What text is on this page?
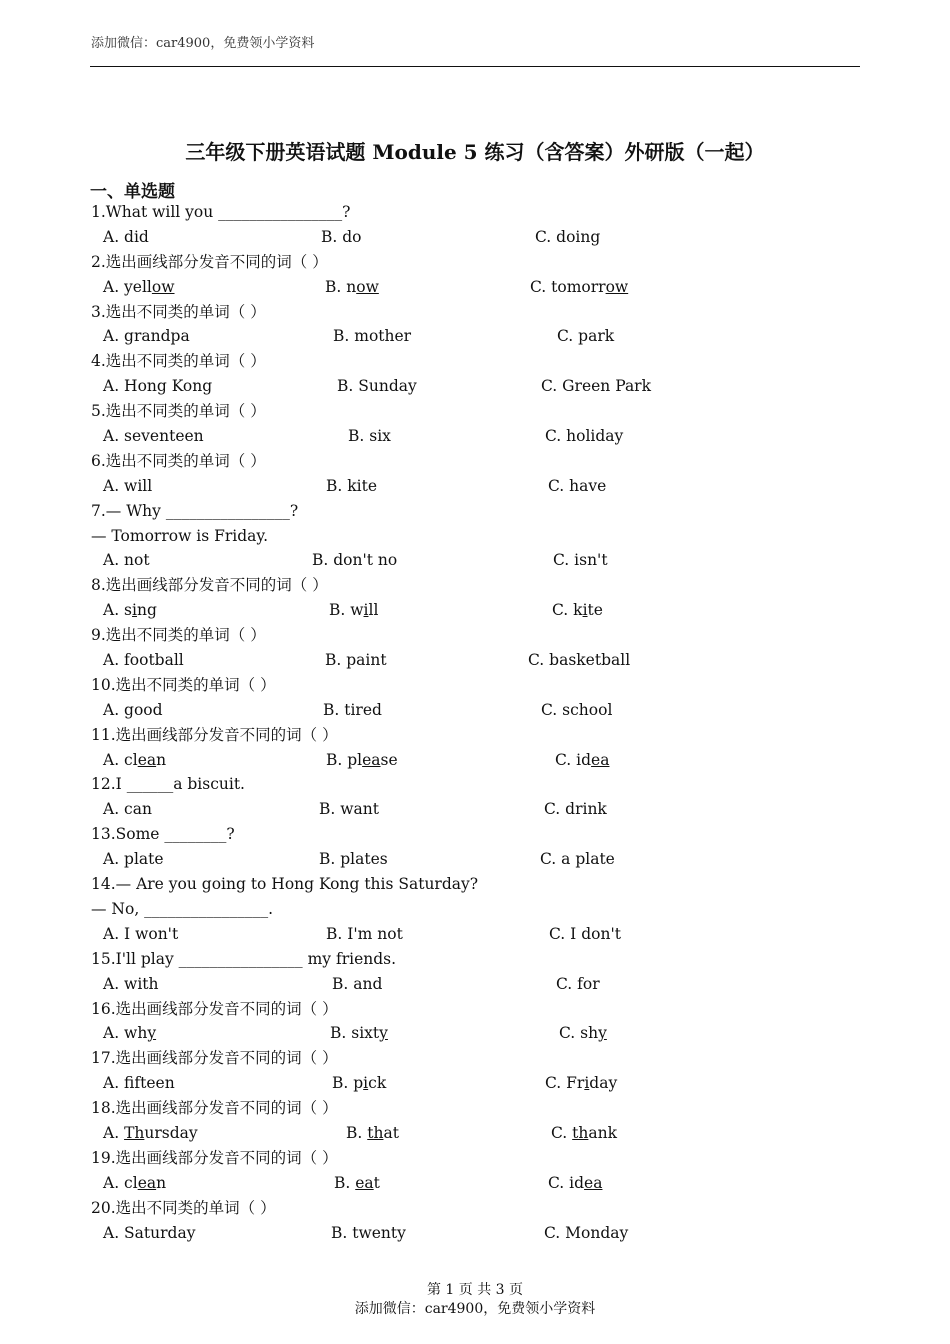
添加微信：car4900，免费领小学资料
三年级下册英语试题 Module 5 练习（含答案）外研版（一起）
一、单选题
1.What will you ________________?
A. did	B. do	C. doing
2.选出画线部分发音不同的词（ ）
A. yellow	B. now	C. tomorrow
3.选出不同类的单词（ ）
A. grandpa	B. mother	C. park
4.选出不同类的单词（ ）
A. Hong Kong	B. Sunday	C. Green Park
5.选出不同类的单词（ ）
A. seventeen	B. six	C. holiday
6.选出不同类的单词（ ）
A. will	B. kite	C. have
7.— Why ________________?
— Tomorrow is Friday.
A. not	B. don't no	C. isn't
8.选出画线部分发音不同的词（ ）
A. sing	B. will	C. kite
9.选出不同类的单词（ ）
A. football	B. paint	C. basketball
10.选出不同类的单词（ ）
A. good	B. tired	C. school
11.选出画线部分发音不同的词（ ）
A. clean	B. please	C. idea
12.I ______a biscuit.
A. can	B. want	C. drink
13.Some ________?
A. plate	B. plates	C. a plate
14.— Are you going to Hong Kong this Saturday?
— No, ________________.
A. I won't	B. I'm not	C. I don't
15.I'll play ________________ my friends.
A. with	B. and	C. for
16.选出画线部分发音不同的词（ ）
A. why	B. sixty	C. shy
17.选出画线部分发音不同的词（ ）
A. ffteen	B. pick	C. Friday
18.选出画线部分发音不同的词（ ）
A. Thursday	B. that	C. thank
19.选出画线部分发音不同的词（ ）
A. clean	B. eat	C. idea
20.选出不同类的单词（ ）
A. Saturday	B. twenty	C. Monday
第 1 页 共 3 页
添加微信：car4900，免费领小学资料
